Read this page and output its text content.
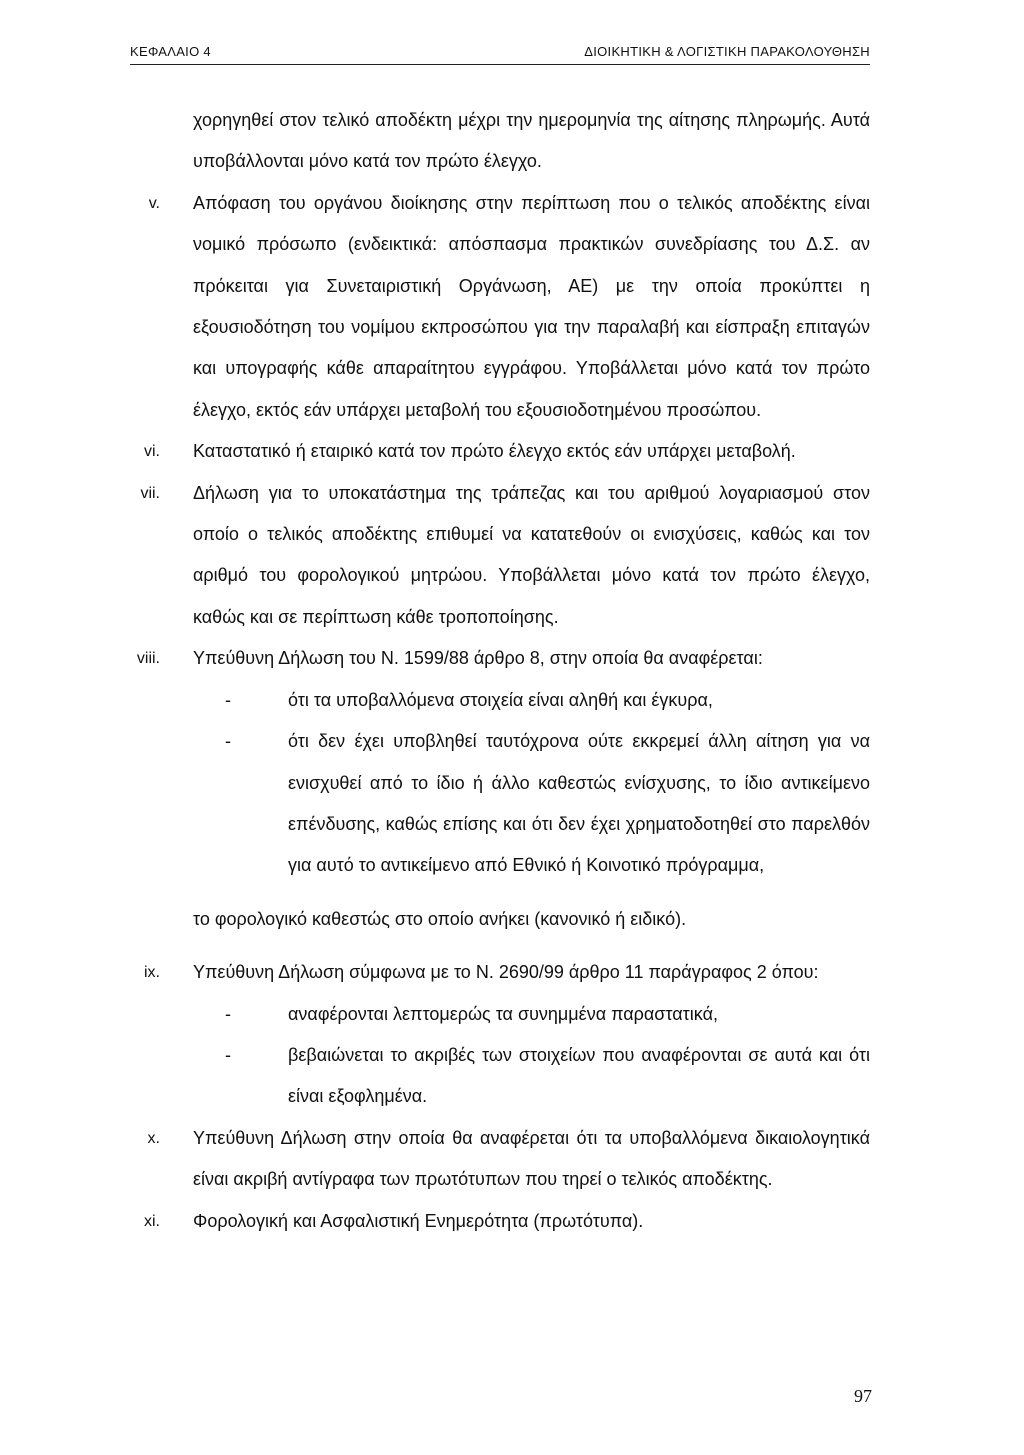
ΚΕΦΑΛΑΙΟ 4	ΔΙΟΙΚΗΤΙΚΗ & ΛΟΓΙΣΤΙΚΗ ΠΑΡΑΚΟΛΟΥΘΗΣΗ
χορηγηθεί στον τελικό αποδέκτη μέχρι την ημερομηνία της αίτησης πληρωμής. Αυτά υποβάλλονται μόνο κατά τον πρώτο έλεγχο.
v. Απόφαση του οργάνου διοίκησης στην περίπτωση που ο τελικός αποδέκτης είναι νομικό πρόσωπο (ενδεικτικά: απόσπασμα πρακτικών συνεδρίασης του Δ.Σ. αν πρόκειται για Συνεταιριστική Οργάνωση, ΑΕ) με την οποία προκύπτει η εξουσιοδότηση του νομίμου εκπροσώπου για την παραλαβή και είσπραξη επιταγών και υπογραφής κάθε απαραίτητου εγγράφου. Υποβάλλεται μόνο κατά τον πρώτο έλεγχο, εκτός εάν υπάρχει μεταβολή του εξουσιοδοτημένου προσώπου.
vi. Καταστατικό ή εταιρικό κατά τον πρώτο έλεγχο εκτός εάν υπάρχει μεταβολή.
vii. Δήλωση για το υποκατάστημα της τράπεζας και του αριθμού λογαριασμού στον οποίο ο τελικός αποδέκτης επιθυμεί να κατατεθούν οι ενισχύσεις, καθώς και τον αριθμό του φορολογικού μητρώου. Υποβάλλεται μόνο κατά τον πρώτο έλεγχο, καθώς και σε περίπτωση κάθε τροποποίησης.
viii. Υπεύθυνη Δήλωση του Ν. 1599/88 άρθρο 8, στην οποία θα αναφέρεται:
-	ότι τα υποβαλλόμενα στοιχεία είναι αληθή και έγκυρα,
-	ότι δεν έχει υποβληθεί ταυτόχρονα ούτε εκκρεμεί άλλη αίτηση για να ενισχυθεί από το ίδιο ή άλλο καθεστώς ενίσχυσης, το ίδιο αντικείμενο επένδυσης, καθώς επίσης και ότι δεν έχει χρηματοδοτηθεί στο παρελθόν για αυτό το αντικείμενο από Εθνικό ή Κοινοτικό πρόγραμμα,
το φορολογικό καθεστώς στο οποίο ανήκει (κανονικό ή ειδικό).
ix. Υπεύθυνη Δήλωση σύμφωνα με το Ν. 2690/99 άρθρο 11 παράγραφος 2 όπου:
-	αναφέρονται λεπτομερώς τα συνημμένα παραστατικά,
-	βεβαιώνεται το ακριβές των στοιχείων που αναφέρονται σε αυτά και ότι είναι εξοφλημένα.
x. Υπεύθυνη Δήλωση στην οποία θα αναφέρεται ότι τα υποβαλλόμενα δικαιολογητικά είναι ακριβή αντίγραφα των πρωτότυπων που τηρεί ο τελικός αποδέκτης.
xi. Φορολογική και Ασφαλιστική Ενημερότητα (πρωτότυπα).
97
